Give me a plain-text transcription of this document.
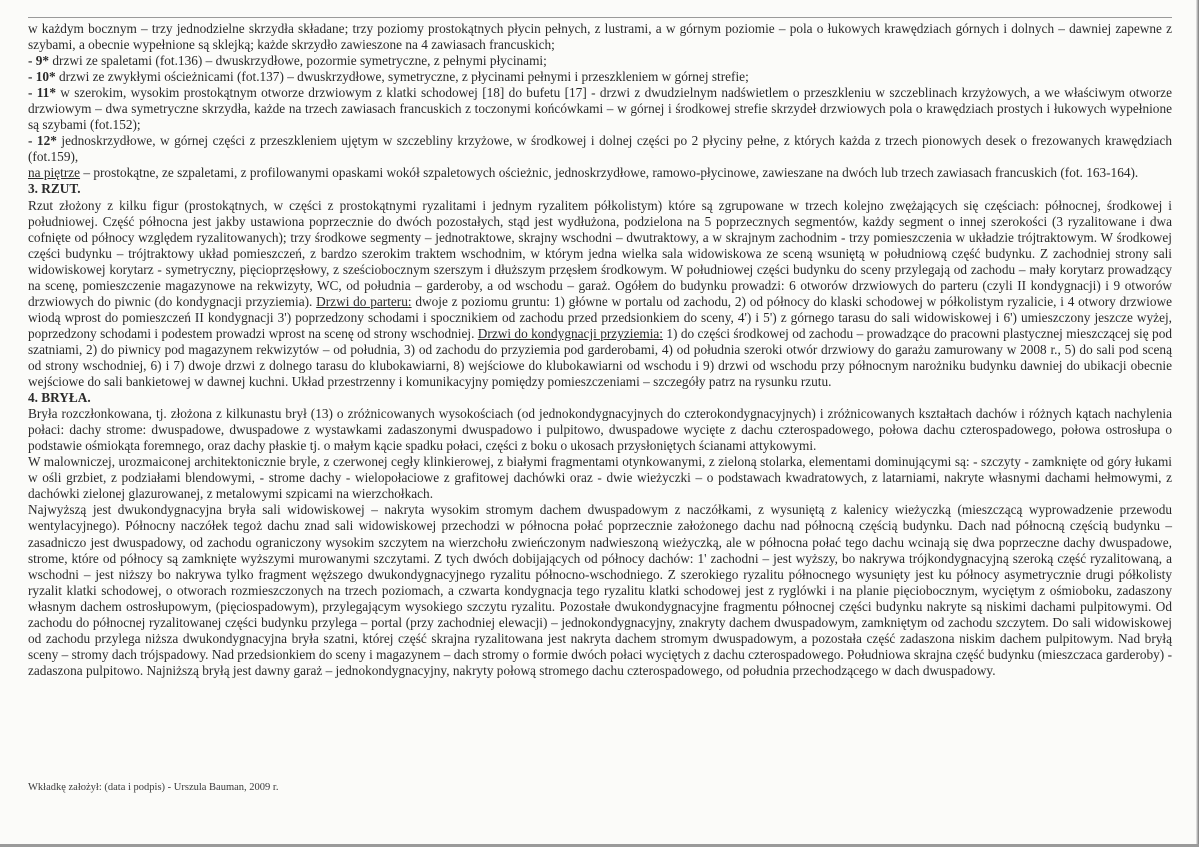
w każdym bocznym – trzy jednodzielne skrzydła składane; trzy poziomy prostokątnych płycin pełnych, z lustrami, a w górnym poziomie – pola o łukowych krawędziach górnych i dolnych – dawniej zapewne z szybami, a obecnie wypełnione są sklejką; każde skrzydło zawieszone na 4 zawiasach francuskich;

- 9* drzwi ze spaletami (fot.136) – dwuskrzydłowe, pozormie symetryczne, z pełnymi płycinami;

- 10* drzwi ze zwykłymi ościeżnicami (fot.137) – dwuskrzydłowe, symetryczne, z płycinami pełnymi i przeszkleniem w górnej strefie;

- 11* w szerokim, wysokim prostokątnym otworze drzwiowym z klatki schodowej [18] do bufetu [17] - drzwi z dwudzielnym nadświetlem o przeszkleniu w szczeblinach krzyżowych, a we właściwym otworze drzwiowym – dwa symetryczne skrzydła, każde na trzech zawiasach francuskich z toczonymi końcówkami – w górnej i środkowej strefie skrzydeł drzwiowych pola o krawędziach prostych i łukowych wypełnione są szybami (fot.152);

- 12* jednoskrzydłowe, w górnej części z przeszkleniem ujętym w szczebliny krzyżowe, w środkowej i dolnej części po 2 płyciny pełne, z których każda z trzech pionowych desek o frezowanych krawędziach (fot.159),

na piętrze – prostokątne, ze szpaletami, z profilowanymi opaskami wokół szpaletowych ościeżnic, jednoskrzydłowe, ramowo-płycinowe, zawieszane na dwóch lub trzech zawiasach francuskich (fot. 163-164).

3. RZUT.

Rzut złożony z kilku figur (prostokątnych, w części z prostokątnymi ryzalitami i jednym ryzalitem półkolistym) które są zgrupowane w trzech kolejno zwężających się częściach: północnej, środkowej i południowej. Część północna jest jakby ustawiona poprzecznie do dwóch pozostałych, stąd jest wydłużona, podzielona na 5 poprzecznych segmentów, każdy segment o innej szerokości (3 ryzalitowane i dwa cofnięte od północy względem ryzalitowanych); trzy środkowe segmenty – jednotraktowe, skrajny wschodni – dwutraktowy, a w skrajnym zachodnim - trzy pomieszczenia w układzie trójtraktowym. W środkowej części budynku – trójtraktowy układ pomieszczeń, z bardzo szerokim traktem wschodnim, w którym jedna wielka sala widowiskowa ze sceną wsuniętą w południową część budynku. Z zachodniej strony sali widowiskowej korytarz - symetryczny, pięcioprzęsłowy, z sześciobocznym szerszym i dłuższym przęsłem środkowym. W południowej części budynku do sceny przylegają od zachodu – mały korytarz prowadzący na scenę, pomieszczenie magazynowe na rekwizyty, WC, od południa – garderoby, a od wschodu – garaż. Ogółem do budynku prowadzi: 6 otworów drzwiowych do parteru (czyli II kondygnacji) i 9 otworów drzwiowych do piwnic (do kondygnacji przyziemia). Drzwi do parteru: dwoje z poziomu gruntu: 1) główne w portalu od zachodu, 2) od północy do klaski schodowej w półkolistym ryzalicie, i 4 otwory drzwiowe wiodą wprost do pomieszczeń II kondygnacji 3') poprzedzony schodami i spocznikiem od zachodu przed przedsionkiem do sceny, 4') i 5') z górnego tarasu do sali widowiskowej i 6') umieszczony jeszcze wyżej, poprzedzony schodami i podestem prowadzi wprost na scenę od strony wschodniej. Drzwi do kondygnacji przyziemia: 1) do części środkowej od zachodu – prowadzące do pracowni plastycznej mieszczącej się pod szatniami, 2) do piwnicy pod magazynem rekwizytów – od południa, 3) od zachodu do przyziemia pod garderobami, 4) od południa szeroki otwór drzwiowy do garażu zamurowany w 2008 r., 5) do sali pod sceną od strony wschodniej, 6) i 7) dwoje drzwi z dolnego tarasu do klubokawiarni, 8) wejściowe do klubokawiarni od wschodu i 9) drzwi od wschodu przy północnym narożniku budynku dawniej do ubikacji obecnie wejściowe do sali bankietowej w dawnej kuchni. Układ przestrzenny i komunikacyjny pomiędzy pomieszczeniami – szczegóły patrz na rysunku rzutu.

4. BRYŁA.

Bryła rozczłonkowana, tj. złożona z kilkunastu brył (13) o zróżnicowanych wysokościach (od jednokondygnacyjnych do czterokondygnacyjnych) i zróżnicowanych kształtach dachów i różnych kątach nachylenia połaci: dachy strome: dwuspadowe, dwuspadowe z wystawkami zadaszonymi dwuspadowo i pulpitowo, dwuspadowe wycięte z dachu czterospadowego, połowa dachu czterospadowego, połowa ostrosłupa o podstawie ośmiokąta foremnego, oraz dachy płaskie tj. o małym kącie spadku połaci, części z boku o ukosach przysłoniętych ścianami attykowymi.

W malowniczej, urozmaiconej architektonicznie bryle, z czerwonej cegły klinkierowej, z białymi fragmentami otynkowanymi, z zieloną stolarka, elementami dominującymi są: - szczyty - zamknięte od góry łukami w ośli grzbiet, z podziałami blendowymi, - strome dachy - wielopołaciowe z grafitowej dachówki oraz - dwie wieżyczki – o podstawach kwadratowych, z latarniami, nakryte własnymi dachami hełmowymi, z dachówki zielonej glazurowanej, z metalowymi szpicami na wierzchołkach.

Najwyższą jest dwukondygnacyjna bryła sali widowiskowej – nakryta wysokim stromym dachem dwuspadowym z naczółkami, z wysuniętą z kalenicy wieżyczką (mieszczącą wyprowadzenie przewodu wentylacyjnego). Północny naczółek tegoż dachu znad sali widowiskowej przechodzi w północna połać poprzecznie założonego dachu nad północną częścią budynku. Dach nad północną częścią budynku – zasadniczo jest dwuspadowy, od zachodu ograniczony wysokim szczytem na wierzchołu zwieńczonym nadwieszoną wieżyczką, ale w północna połać tego dachu wcinają się dwa poprzeczne dachy dwuspadowe, strome, które od północy są zamknięte wyższymi murowanymi szczytami. Z tych dwóch dobijających od północy dachów: 1' zachodni – jest wyższy, bo nakrywa trójkondygnacyjną szeroką część ryzalitowaną, a wschodni – jest niższy bo nakrywa tylko fragment węższego dwukondygnacyjnego ryzalitu północno-wschodniego. Z szerokiego ryzalitu północnego wysunięty jest ku północy asymetrycznie drugi półkolisty ryzalit klatki schodowej, o otworach rozmieszczonych na trzech poziomach, a czwarta kondygnacja tego ryzalitu klatki schodowej jest z ryglówki i na planie pięciobocznym, wyciętym z ośmioboku, zadaszony własnym dachem ostrosłupowym, (pięciospadowym), przylegającym wysokiego szczytu ryzalitu. Pozostałe dwukondygnacyjne fragmentu północnej części budynku nakryte są niskimi dachami pulpitowymi. Od zachodu do północnej ryzalitowanej części budynku przylega – portal (przy zachodniej elewacji) – jednokondygnacyjny, znakryty dachem dwuspadowym, zamkniętym od zachodu szczytem. Do sali widowiskowej od zachodu przylega niższa dwukondygnacyjna bryła szatni, której część skrajna ryzalitowana jest nakryta dachem stromym dwuspadowym, a pozostała część zadaszona niskim dachem pulpitowym. Nad bryłą sceny – stromy dach trójspadowy. Nad przedsionkiem do sceny i magazynem – dach stromy o formie dwóch połaci wyciętych z dachu czterospadowego. Południowa skrajna część budynku (mieszczaca garderoby) - zadaszona pulpitowo. Najniższą bryłą jest dawny garaż – jednokondygnacyjny, nakryty połową stromego dachu czterospadowego, od południa przechodzącego w dach dwuspadowy.

Wkładkę założył: (data i podpis) - Urszula Bauman, 2009 r.
